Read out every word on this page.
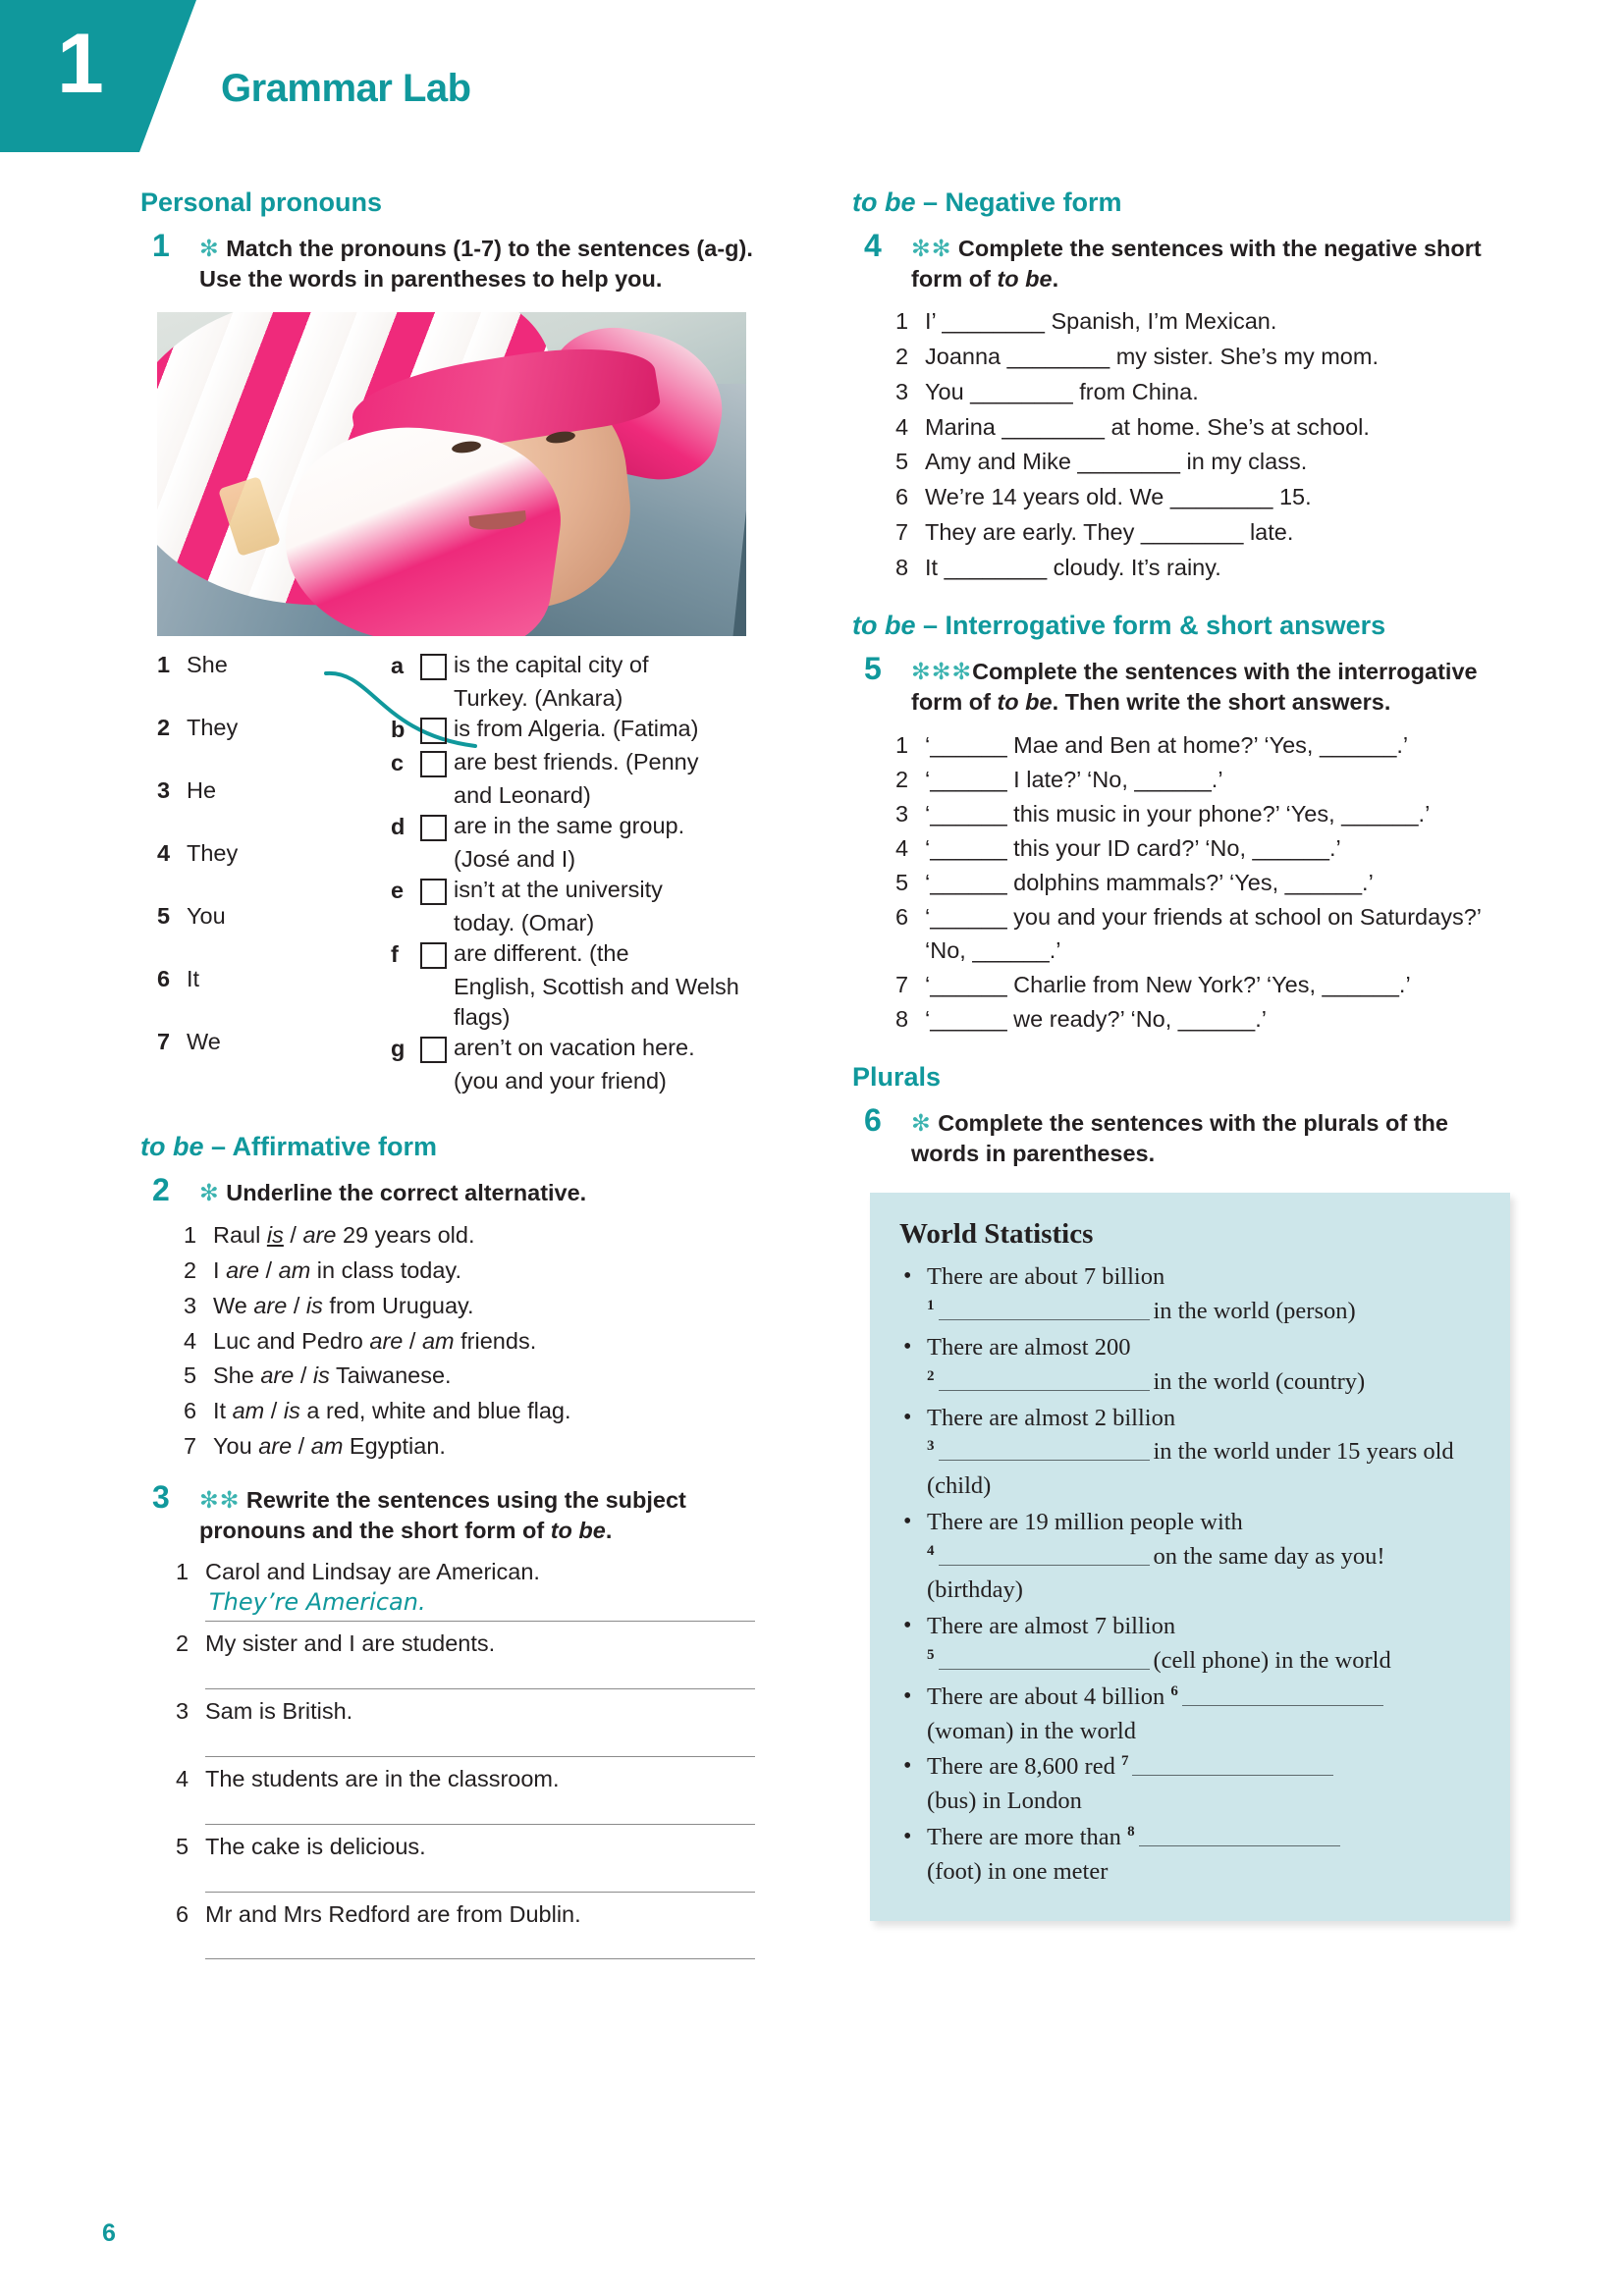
1	Grammar Lab
Personal pronouns
1 ✻ Match the pronouns (1-7) to the sentences (a-g). Use the words in parentheses to help you.

1 She
2 They
3 He
4 They
5 You
6 It
7 We
a	is the capital city of
Turkey. (Ankara)
b	is from Algeria. (Fatima)
c	are best friends. (Penny
and Leonard)
d	are in the same group.
(José and I)
e	isn’t at the university
today. (Omar)
f	are different. (the
English, Scottish and Welsh flags)
g	aren’t on vacation here.
(you and your friend)
to be – Affirmative form
2 ✻ Underline the correct alternative.

1 Raul is / are 29 years old.
2 I are / am in class today.
3 We are / is from Uruguay.
4 Luc and Pedro are / am friends.
5 She are / is Taiwanese.
6 It am / is a red, white and blue flag.
7 You are / am Egyptian.
3 ✻✻ Rewrite the sentences using the subject pronouns and the short form of to be.

1 Carol and Lindsay are American.
They’re American.
2 My sister and I are students.
3 Sam is British.
4 The students are in the classroom.
5 The cake is delicious.
6 Mr and Mrs Redford are from Dublin.
to be – Negative form
4 ✻✻ Complete the sentences with the negative short form of to be.

1 I’ ________ Spanish, I’m Mexican.
2 Joanna ________ my sister. She’s my mom.
3 You ________ from China.
4 Marina ________ at home. She’s at school.
5 Amy and Mike ________ in my class.
6 We’re 14 years old. We ________ 15.
7 They are early. They ________ late.
8 It ________ cloudy. It’s rainy.
to be – Interrogative form & short answers
5 ✻✻✻Complete the sentences with the interrogative form of to be. Then write the short answers.

1 ‘______ Mae and Ben at home?’ ‘Yes, ______.’
2 ‘______ I late?’ ‘No, ______.’
3 ‘______ this music in your phone?’ ‘Yes, ______.’
4 ‘______ this your ID card?’ ‘No, ______.’
5 ‘______ dolphins mammals?’ ‘Yes, ______.’
6 ‘______ you and your friends at school on Saturdays?’ ‘No, ______.’
7 ‘______ Charlie from New York?’ ‘Yes, ______.’
8 ‘______ we ready?’ ‘No, ______.’
Plurals
6 ✻ Complete the sentences with the plurals of the words in parentheses.

World Statistics
• There are about 7 billion
$^1$	in the world (person)
• There are almost 200
$^2$	in the world (country)
• There are almost 2 billion
$^3$	in the world under 15 years old (child)
• There are 19 million people with
$^4$	on the same day as you! (birthday)
• There are almost 7 billion
$^5$	(cell phone) in the world
• There are about 4 billion $^6$
(woman) in the world
• There are 8,600 red $^7$
(bus) in London
• There are more than $^8$
(foot) in one meter
6
